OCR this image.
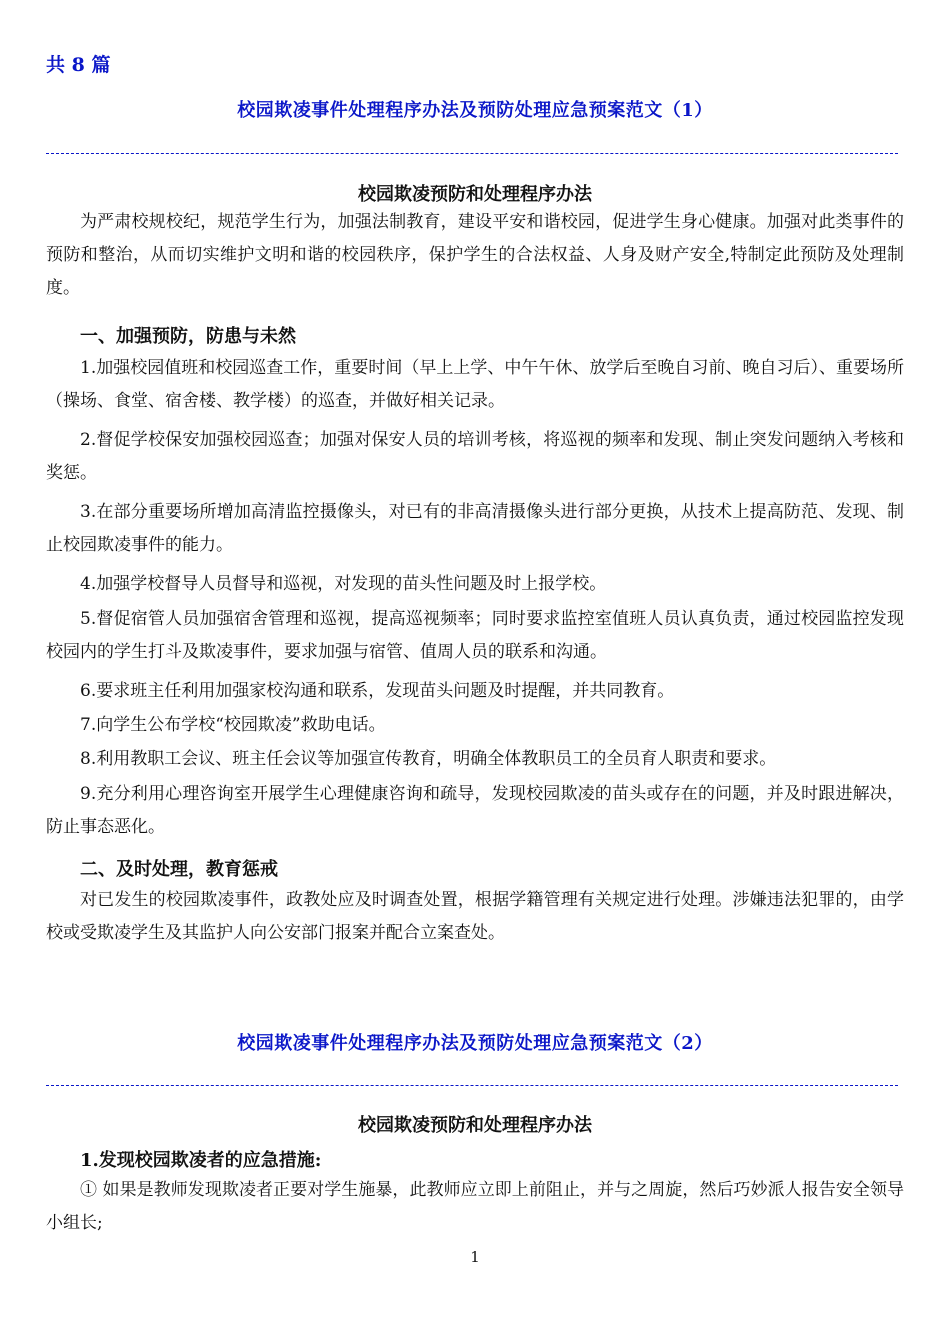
共 8 篇
校园欺凌事件处理程序办法及预防处理应急预案范文（1）
校园欺凌预防和处理程序办法

为严肃校规校纪，规范学生行为，加强法制教育，建设平安和谐校园，促进学生身心健康。加强对此类事件的预防和整治，从而切实维护文明和谐的校园秩序，保护学生的合法权益、人身及财产安全,特制定此预防及处理制度。

一、加强预防，防患与未然

1.加强校园值班和校园巡查工作，重要时间（早上上学、中午午休、放学后至晚自习前、晚自习后）、重要场所（操场、食堂、宿舍楼、教学楼）的巡查，并做好相关记录。

2.督促学校保安加强校园巡查；加强对保安人员的培训考核，将巡视的频率和发现、制止突发问题纳入考核和奖惩。

3.在部分重要场所增加高清监控摄像头，对已有的非高清摄像头进行部分更换，从技术上提高防范、发现、制止校园欺凌事件的能力。

4.加强学校督导人员督导和巡视，对发现的苗头性问题及时上报学校。

5.督促宿管人员加强宿舍管理和巡视，提高巡视频率；同时要求监控室值班人员认真负责，通过校园监控发现校园内的学生打斗及欺凌事件，要求加强与宿管、值周人员的联系和沟通。

6.要求班主任利用加强家校沟通和联系，发现苗头问题及时提醒，并共同教育。

7.向学生公布学校“校园欺凌”救助电话。

8.利用教职工会议、班主任会议等加强宣传教育，明确全体教职员工的全员育人职责和要求。

9.充分利用心理咨询室开展学生心理健康咨询和疏导，发现校园欺凌的苗头或存在的问题，并及时跟进解决，防止事态恶化。

二、及时处理，教育惩戒

对已发生的校园欺凌事件，政教处应及时调查处置，根据学籍管理有关规定进行处理。涉嫌违法犯罪的，由学校或受欺凌学生及其监护人向公安部门报案并配合立案查处。

校园欺凌事件处理程序办法及预防处理应急预案范文（2）
校园欺凌预防和处理程序办法
1.发现校园欺凌者的应急措施:

① 如果是教师发现欺凌者正要对学生施暴，此教师应立即上前阻止，并与之周旋，然后巧妙派人报告安全领导小组长;

1
